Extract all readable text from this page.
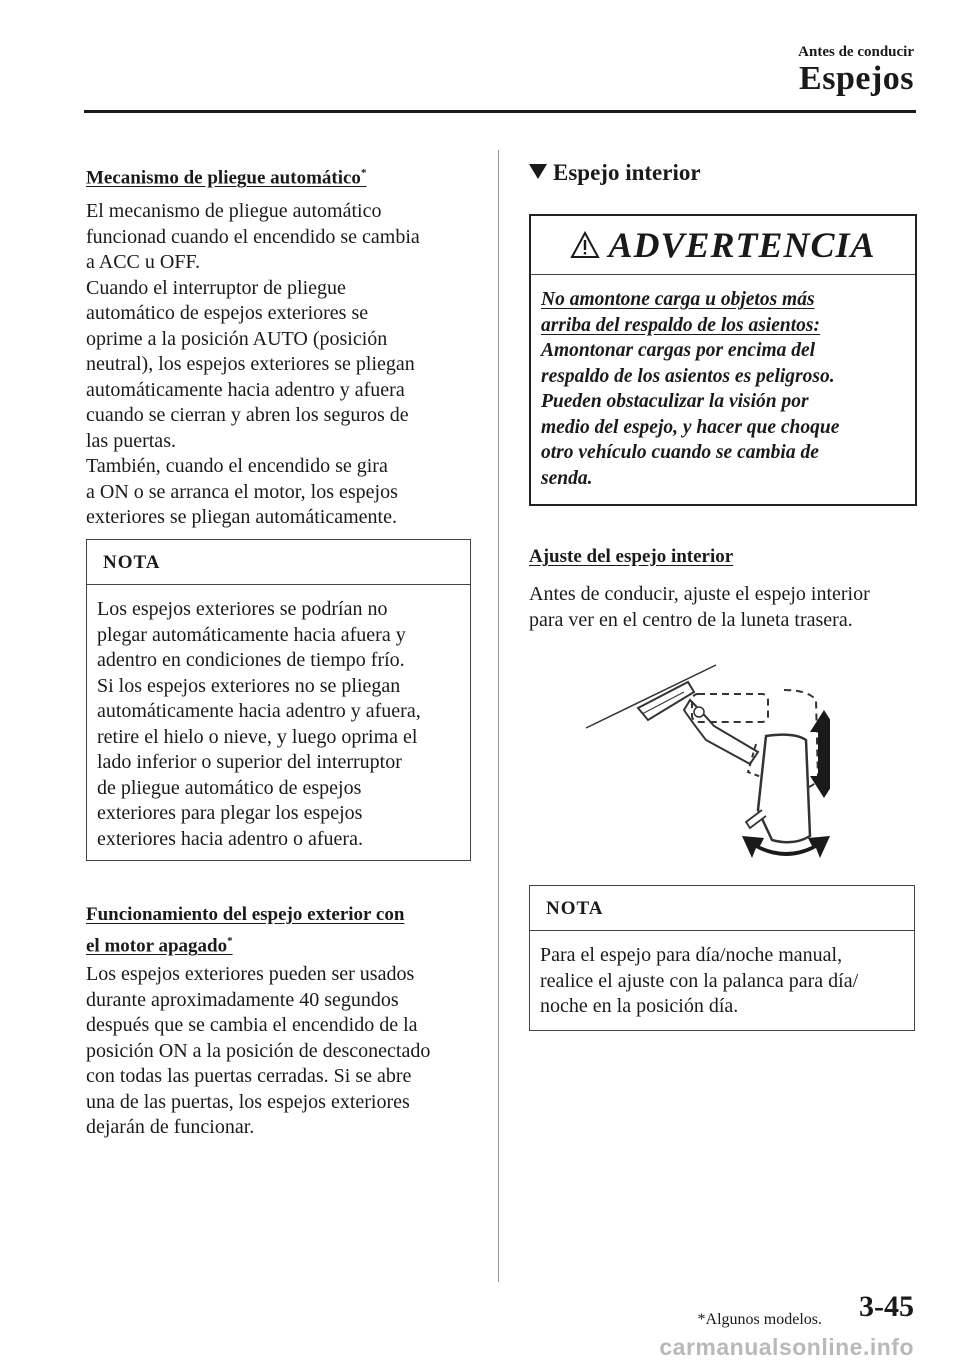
Antes de conducir
Espejos
Mecanismo de pliegue automático*
El mecanismo de pliegue automático
funcionad cuando el encendido se cambia
a ACC u OFF.
Cuando el interruptor de pliegue
automático de espejos exteriores se
oprime a la posición AUTO (posición
neutral), los espejos exteriores se pliegan
automáticamente hacia adentro y afuera
cuando se cierran y abren los seguros de
las puertas.
También, cuando el encendido se gira
a ON o se arranca el motor, los espejos
exteriores se pliegan automáticamente.
NOTA
Los espejos exteriores se podrían no
plegar automáticamente hacia afuera y
adentro en condiciones de tiempo frío.
Si los espejos exteriores no se pliegan
automáticamente hacia adentro y afuera,
retire el hielo o nieve, y luego oprima el
lado inferior o superior del interruptor
de pliegue automático de espejos
exteriores para plegar los espejos
exteriores hacia adentro o afuera.
Funcionamiento del espejo exterior con
el motor apagado*
Los espejos exteriores pueden ser usados
durante aproximadamente 40 segundos
después que se cambia el encendido de la
posición ON a la posición de desconectado
con todas las puertas cerradas. Si se abre
una de las puertas, los espejos exteriores
dejarán de funcionar.
Espejo interior
ADVERTENCIA
No amontone carga u objetos más
arriba del respaldo de los asientos:
Amontonar cargas por encima del
respaldo de los asientos es peligroso.
Pueden obstaculizar la visión por
medio del espejo, y hacer que choque
otro vehículo cuando se cambia de
senda.
Ajuste del espejo interior
Antes de conducir, ajuste el espejo interior
para ver en el centro de la luneta trasera.
NOTA
Para el espejo para día/noche manual,
realice el ajuste con la palanca para día/
noche en la posición día.
*Algunos modelos. 3-45
carmanualsonline.info
